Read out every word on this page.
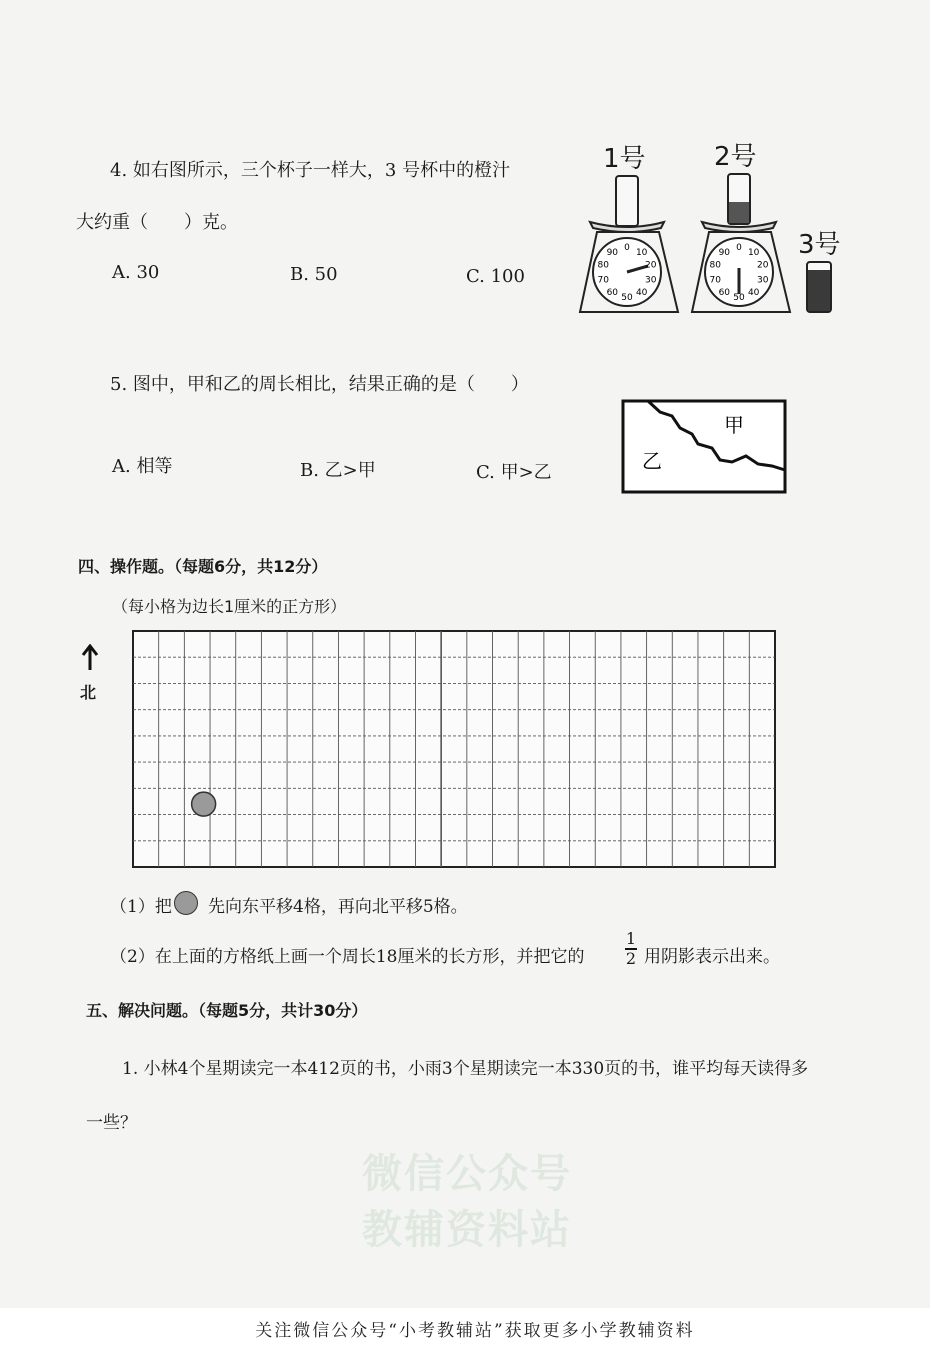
4. 如右图所示，三个杯子一样大，3 号杯中的橙汁
大约重（　　）克。
A. 30	B. 50	C. 100
1号	2号
3号
0 10
20
30
40
50
60
70
80
90	0 10
20
30
40
50
60
70
80
90
5. 图中，甲和乙的周长相比，结果正确的是（　　）
A. 相等	B. 乙>甲	C. 甲>乙
甲
乙
四、操作题。（每题6分，共12分）
（每小格为边长1厘米的正方形）
北
（1）把 先向东平移4格，再向北平移5格。
（2）在上面的方格纸上画一个周长18厘米的长方形，并把它的
1
2 用阴影表示出来。
五、解决问题。（每题5分，共计30分）
1. 小林4个星期读完一本412页的书，小雨3个星期读完一本330页的书，谁平均每天读得多
一些？
微信公众号
教辅资料站
关注微信公众号“小考教辅站”获取更多小学教辅资料
